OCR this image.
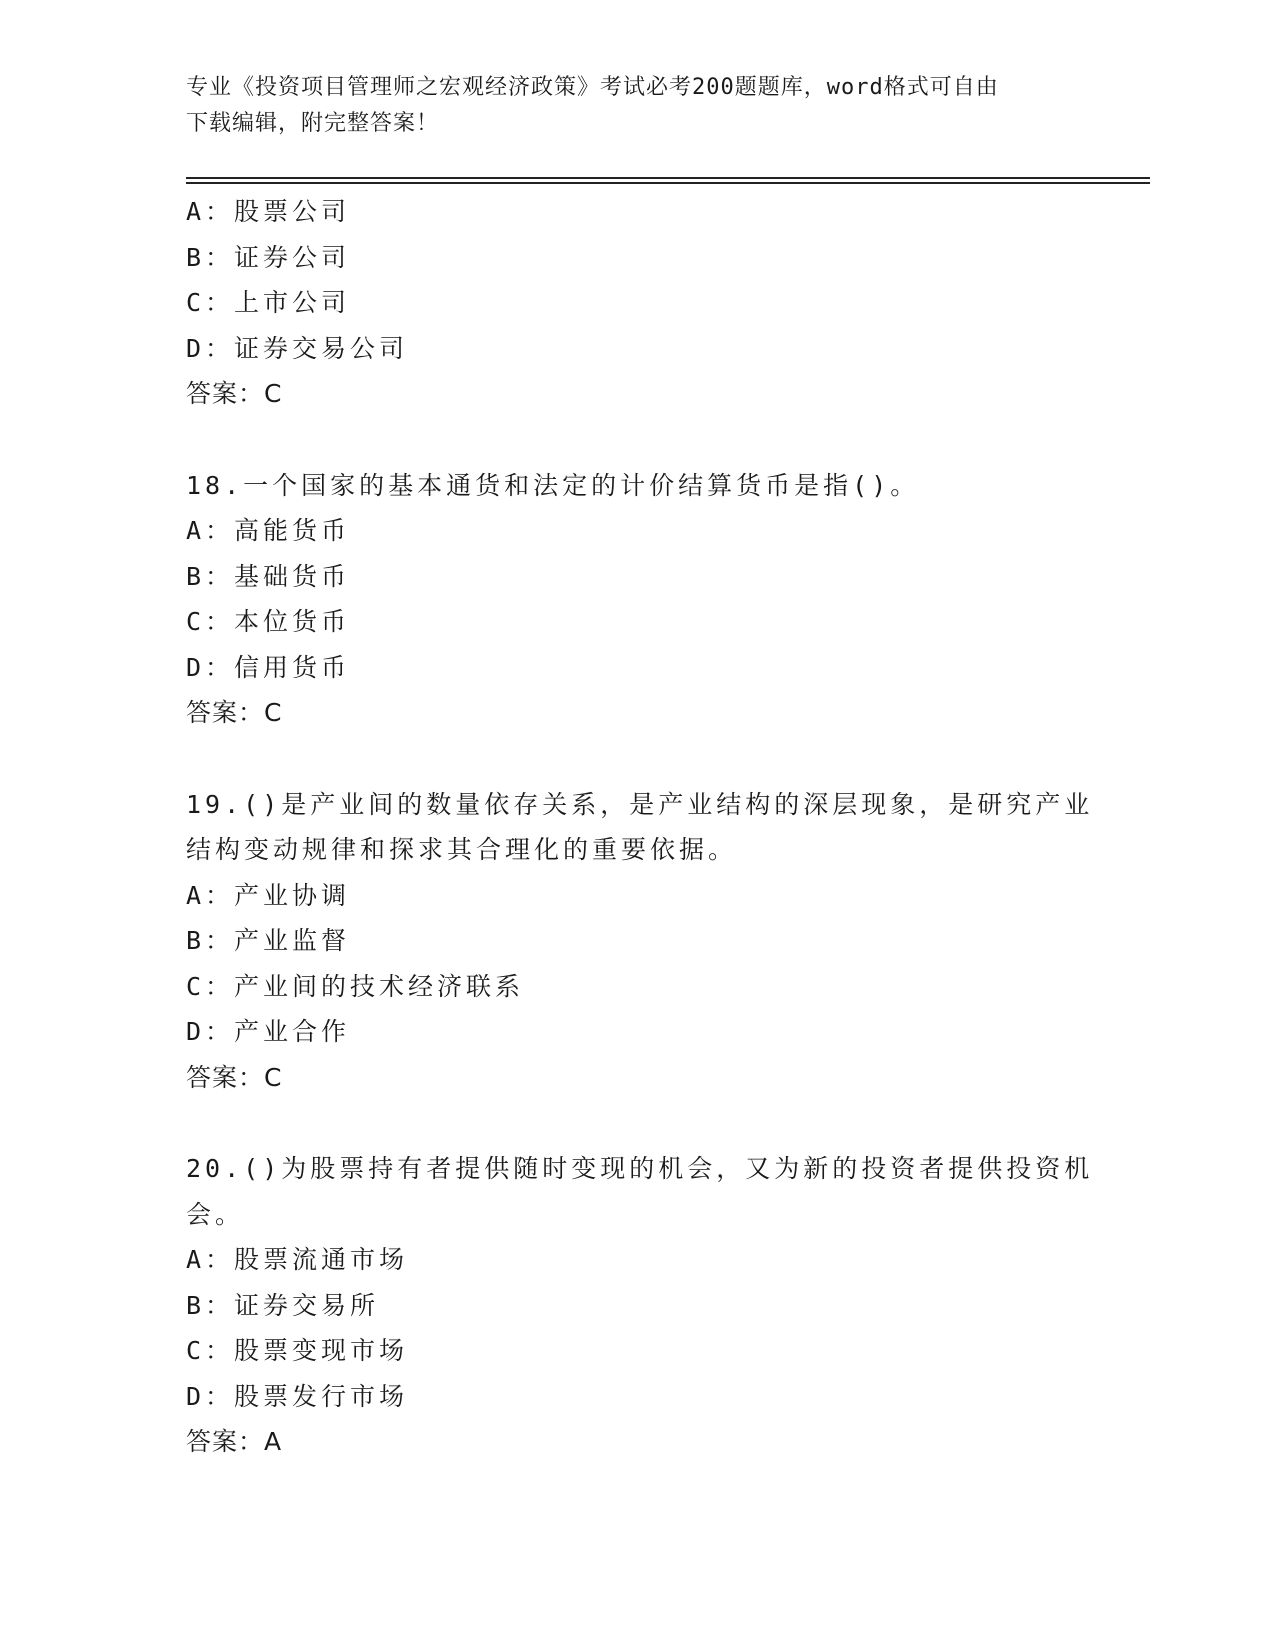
专业《投资项目管理师之宏观经济政策》考试必考200题题库，word格式可自由
下载编辑，附完整答案！
A：股票公司
B：证券公司
C：上市公司
D：证券交易公司
答案：C
18.一个国家的基本通货和法定的计价结算货币是指()。
A：高能货币
B：基础货币
C：本位货币
D：信用货币
答案：C
19.()是产业间的数量依存关系，是产业结构的深层现象，是研究产业
结构变动规律和探求其合理化的重要依据。
A：产业协调
B：产业监督
C：产业间的技术经济联系
D：产业合作
答案：C
20.()为股票持有者提供随时变现的机会，又为新的投资者提供投资机
会。
A：股票流通市场
B：证券交易所
C：股票变现市场
D：股票发行市场
答案：A
